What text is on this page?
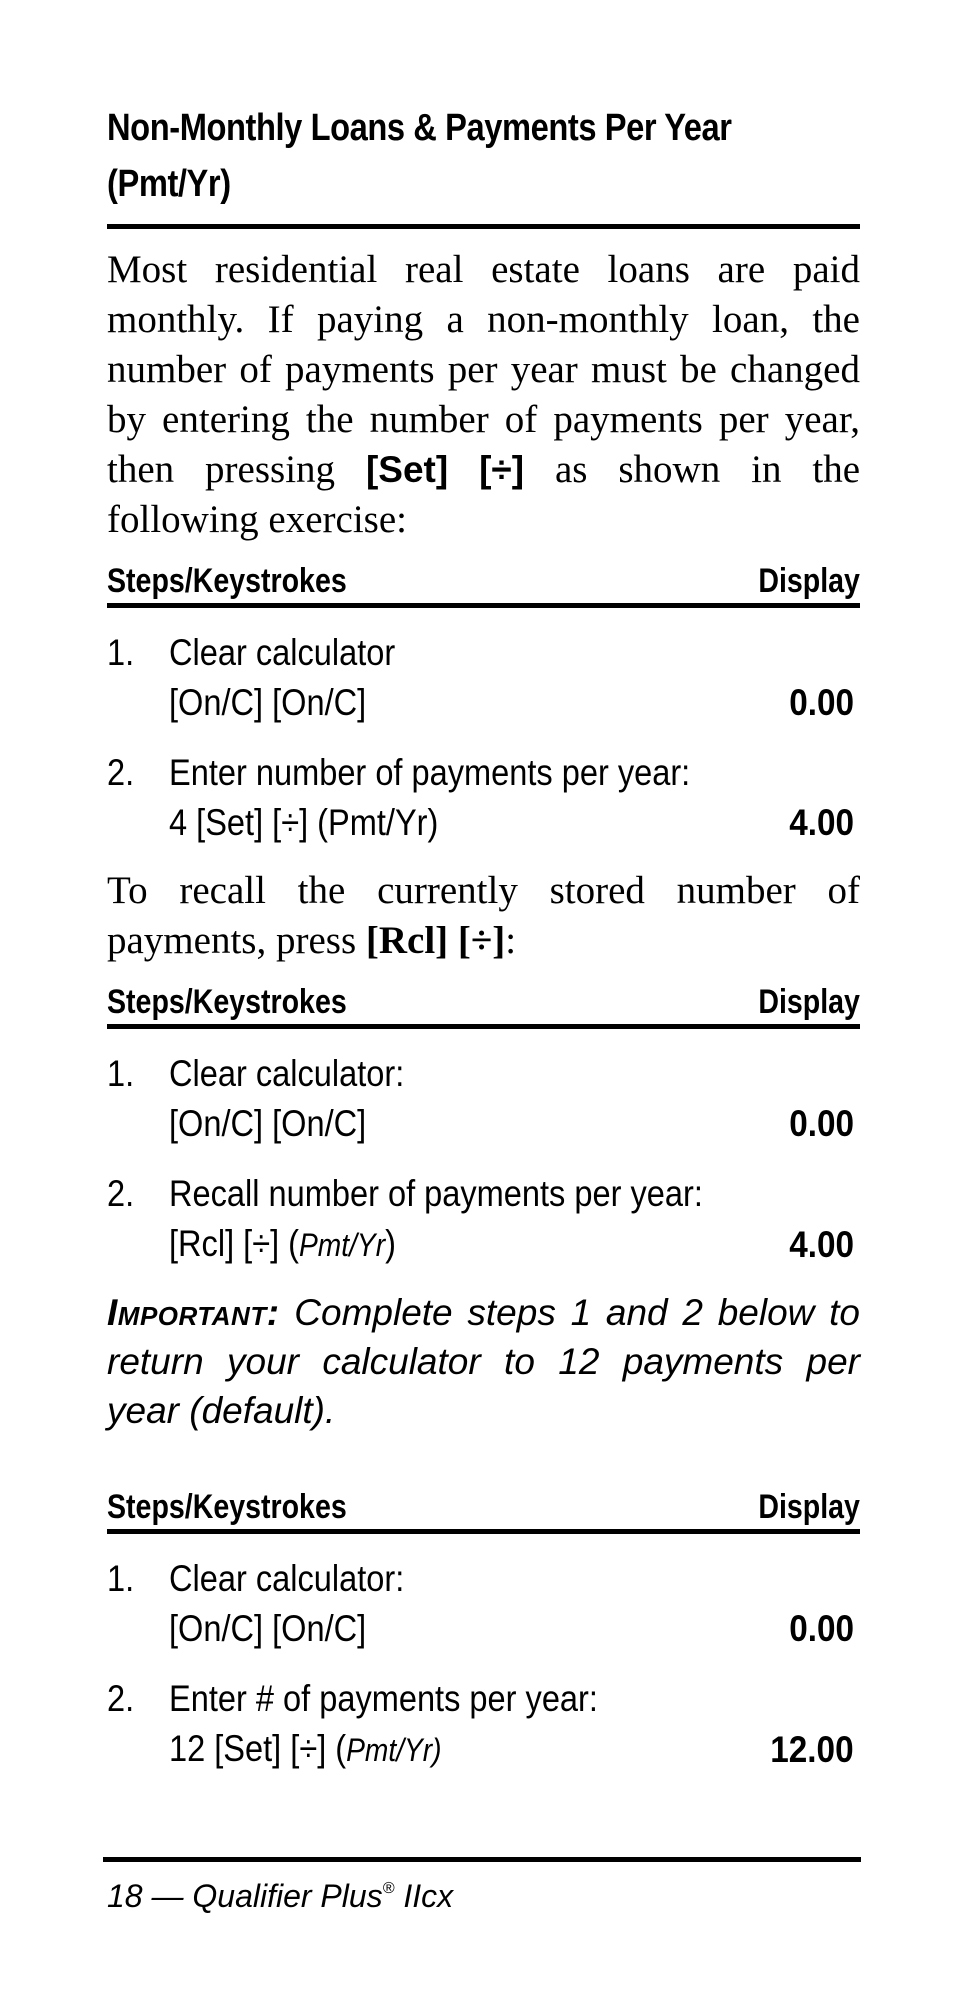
Non-Monthly Loans & Payments Per Year
(Pmt/Yr)

Most residential real estate loans are paid monthly. If paying a non-monthly loan, the number of payments per year must be changed by entering the number of payments per year, then pressing [Set] [÷] as shown in the following exercise:

Steps/Keystrokes	Display
1. Clear calculator
[On/C] [On/C]	0.00
2. Enter number of payments per year:
4 [Set] [÷] (Pmt/Yr)	4.00

To recall the currently stored number of payments, press [Rcl] [÷]:

Steps/Keystrokes	Display
1. Clear calculator:
[On/C] [On/C]	0.00
2. Recall number of payments per year:
[Rcl] [÷] (Pmt/Yr)	4.00

Important: Complete steps 1 and 2 below to return your calculator to 12 payments per year (default).

Steps/Keystrokes	Display
1. Clear calculator:
[On/C] [On/C]	0.00
2. Enter # of payments per year:
12 [Set] [÷] (Pmt/Yr)	12.00
18 — Qualifier Plus® IIcx
